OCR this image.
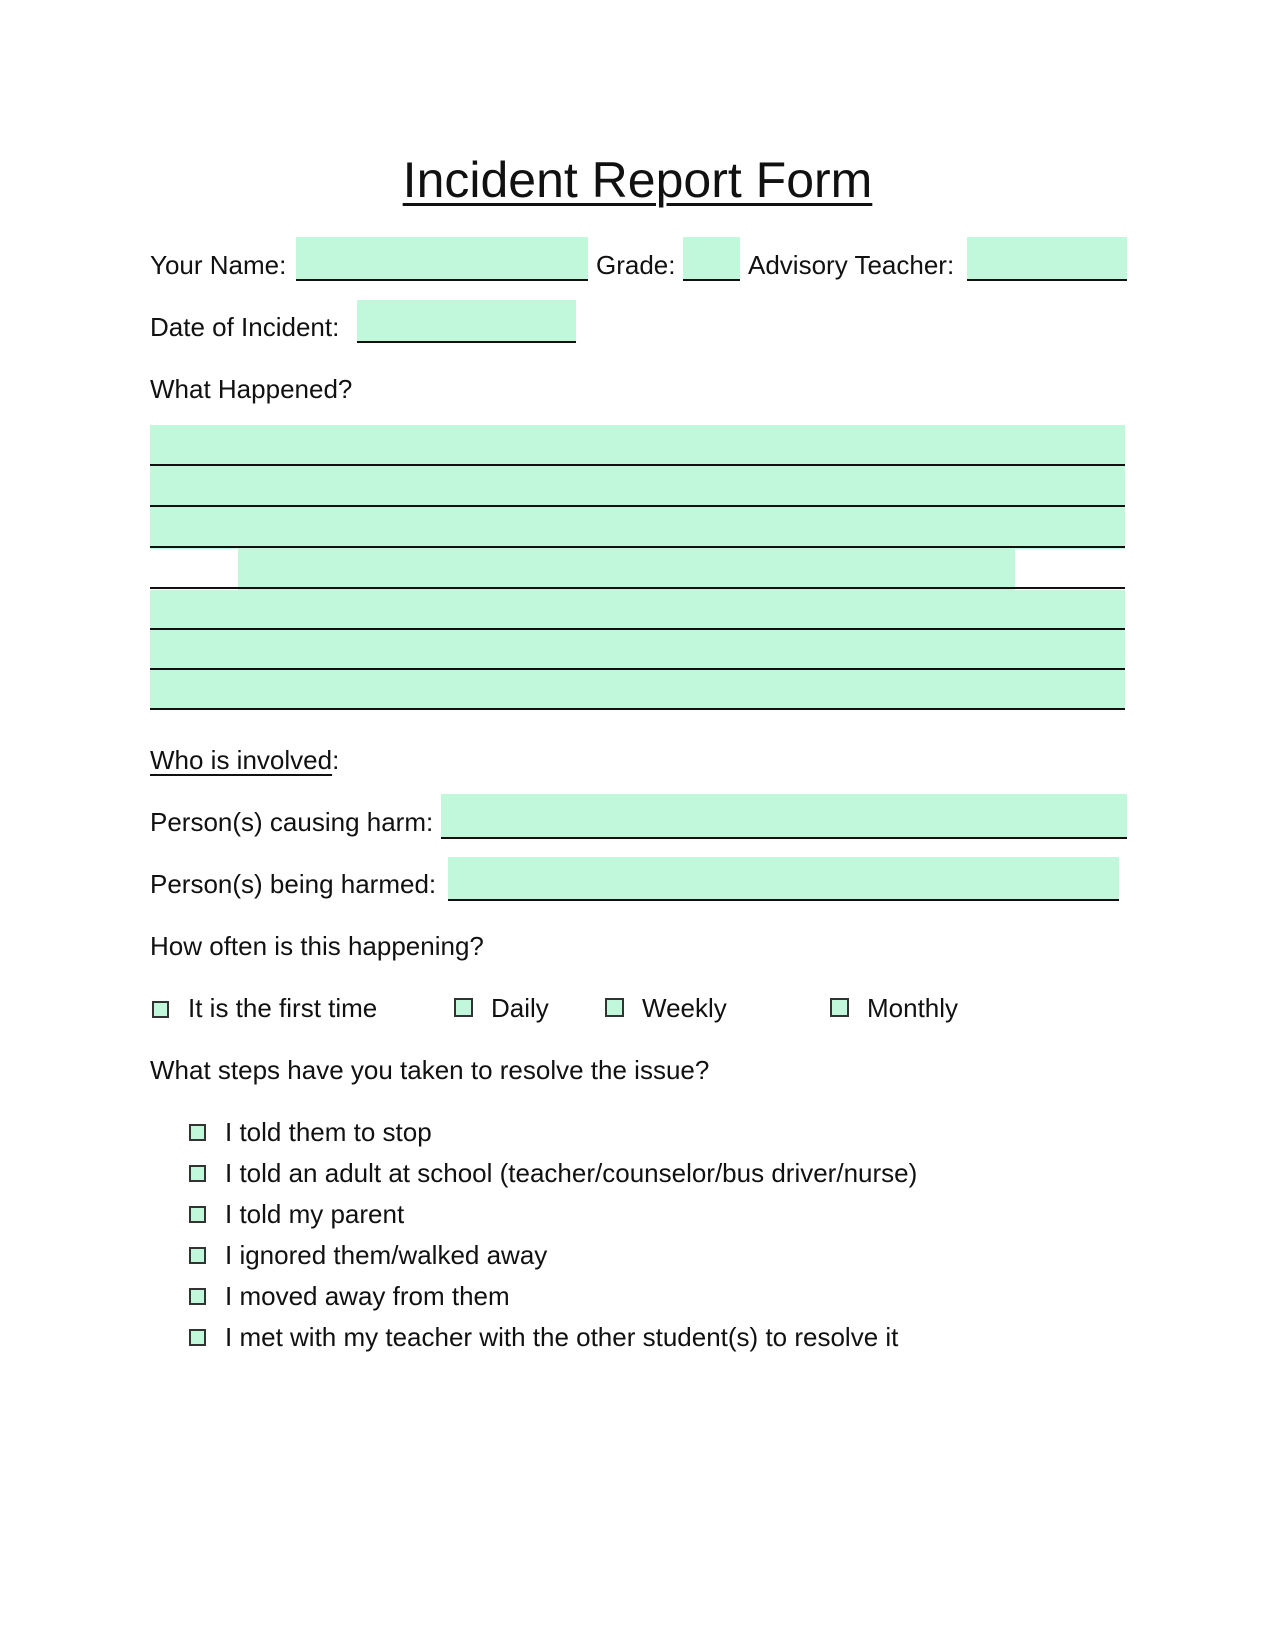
Incident Report Form
Your Name:	Grade:	Advisory Teacher:
Date of Incident:
What Happened?
Who is involved:
Person(s) causing harm:
Person(s) being harmed:
How often is this happening?
It is the first time	Daily	Weekly	Monthly
What steps have you taken to resolve the issue?
I told them to stop
I told an adult at school (teacher/counselor/bus driver/nurse)
I told my parent
I ignored them/walked away
I moved away from them
I met with my teacher with the other student(s) to resolve it
